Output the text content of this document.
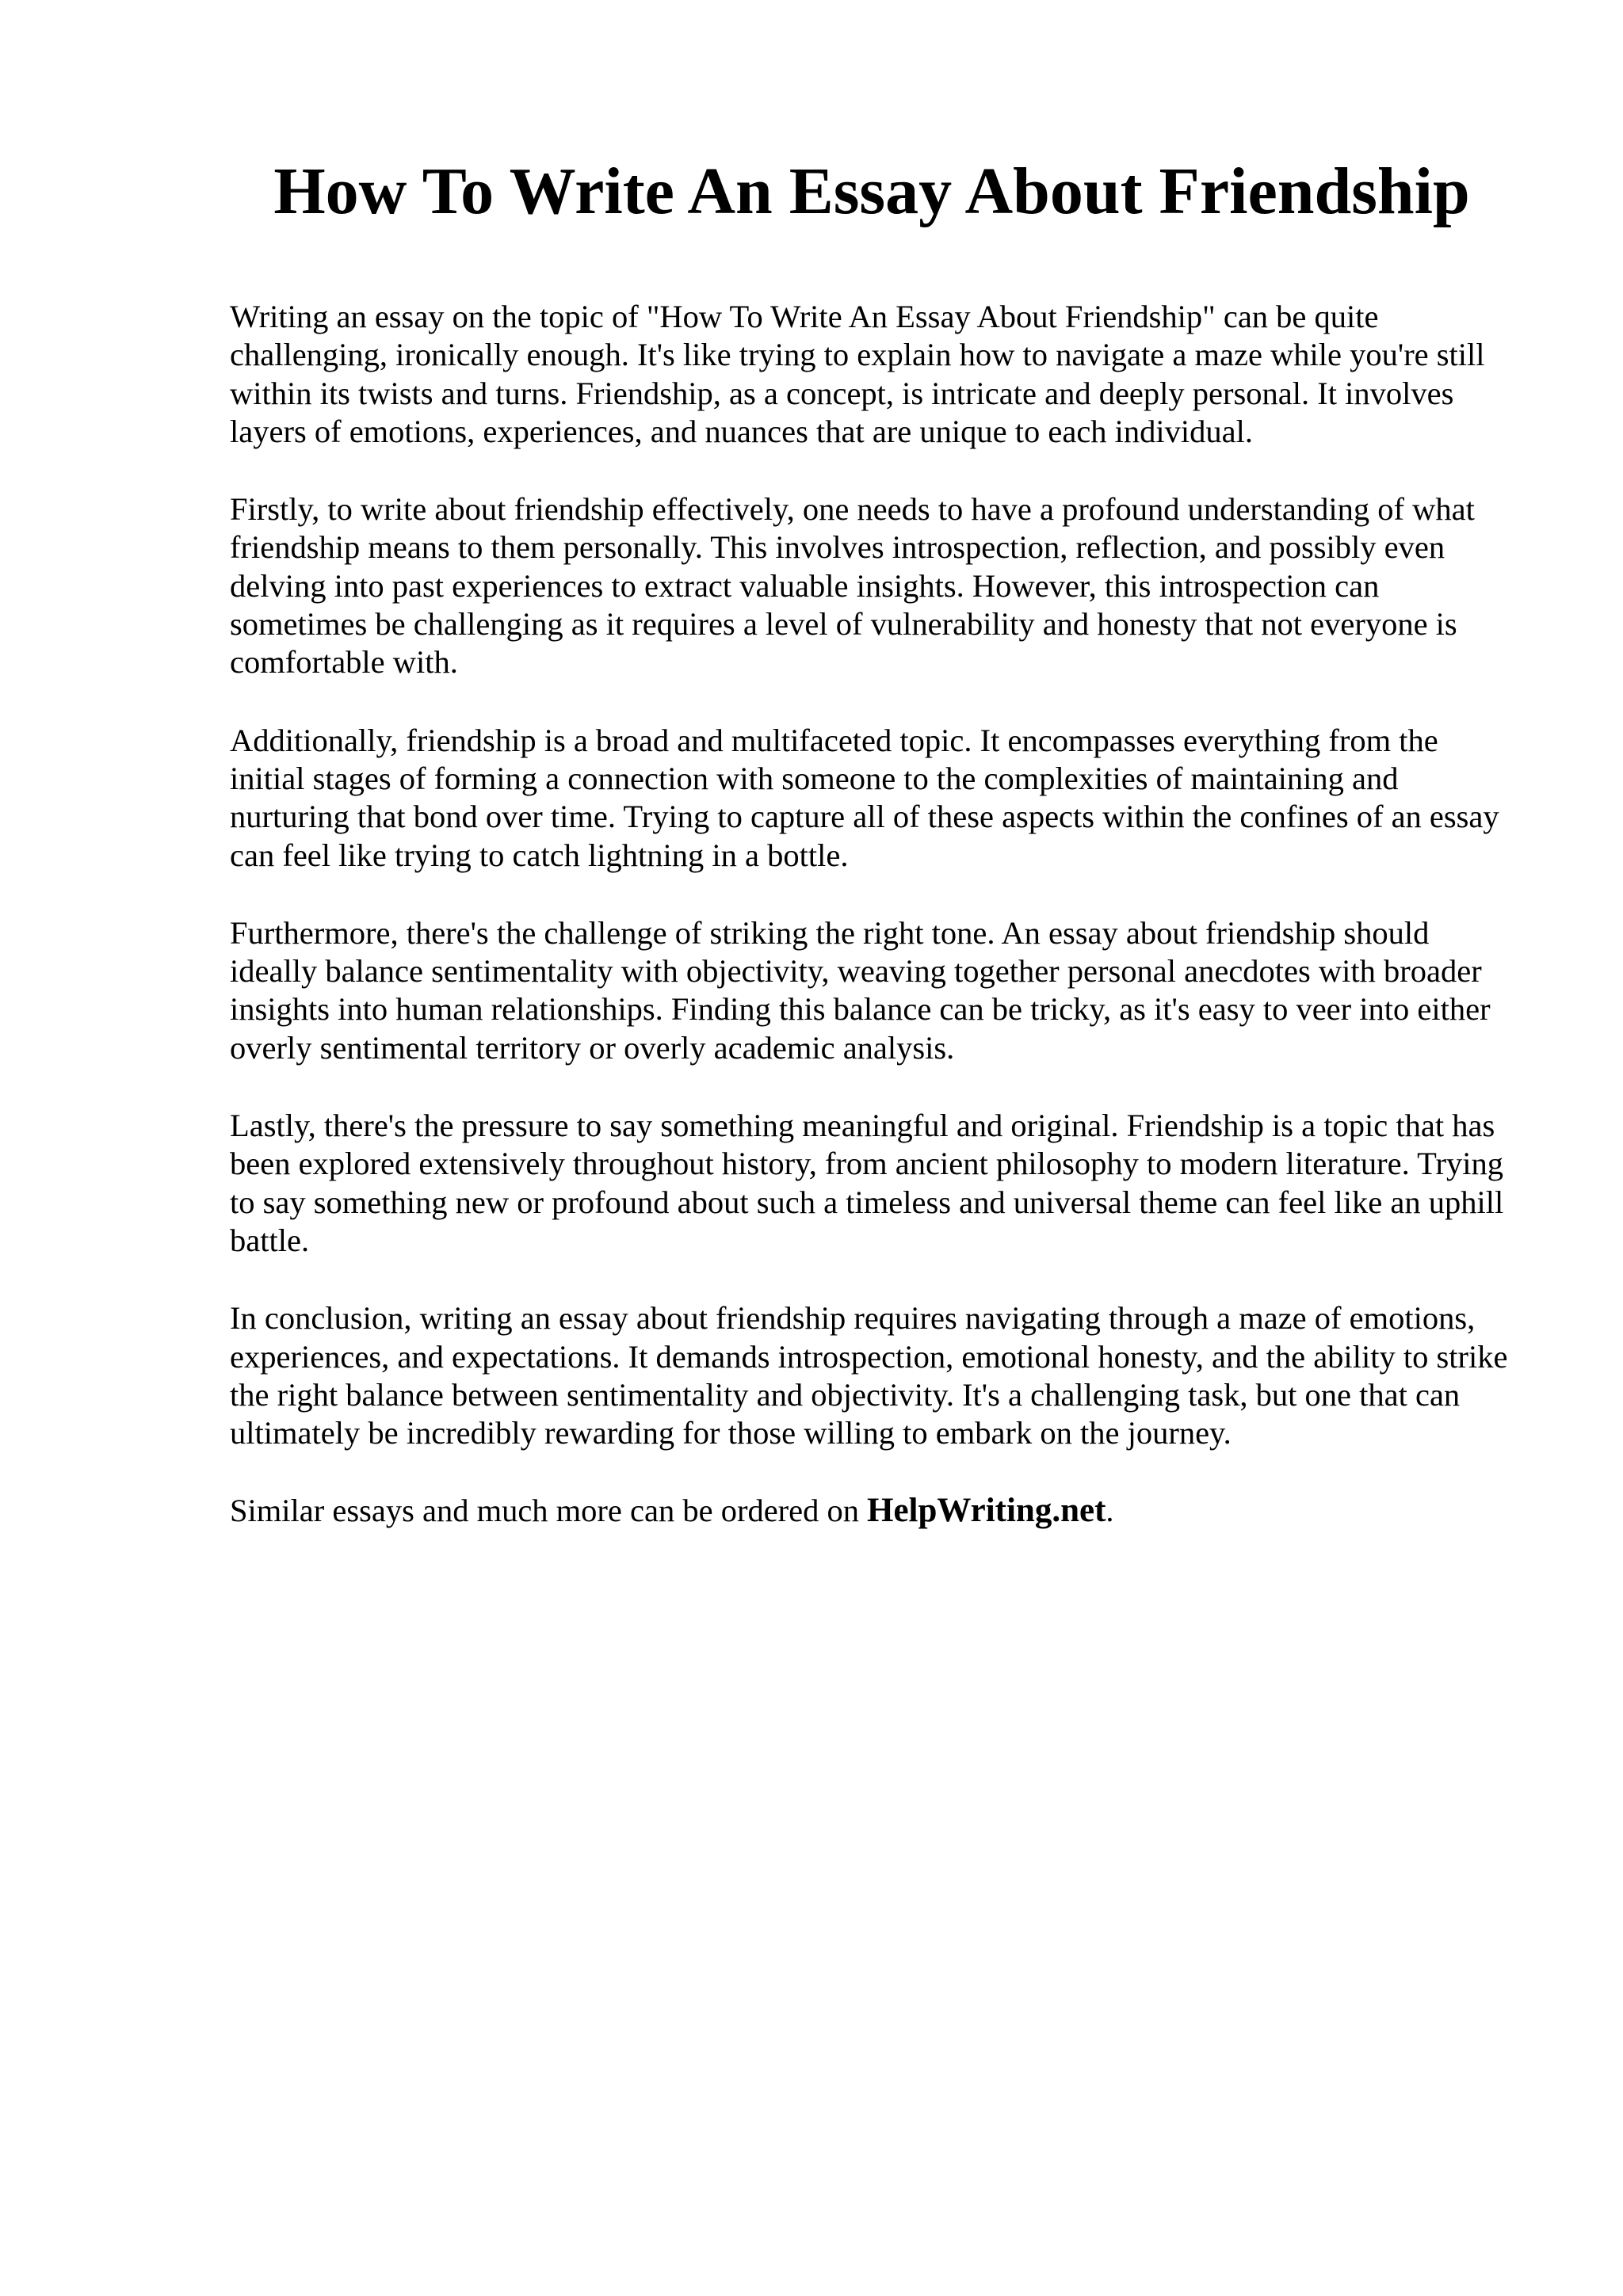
How To Write An Essay About Friendship

Writing an essay on the topic of "How To Write An Essay About Friendship" can be quite challenging, ironically enough. It's like trying to explain how to navigate a maze while you're still within its twists and turns. Friendship, as a concept, is intricate and deeply personal. It involves layers of emotions, experiences, and nuances that are unique to each individual.

Firstly, to write about friendship effectively, one needs to have a profound understanding of what friendship means to them personally. This involves introspection, reflection, and possibly even delving into past experiences to extract valuable insights. However, this introspection can sometimes be challenging as it requires a level of vulnerability and honesty that not everyone is comfortable with.

Additionally, friendship is a broad and multifaceted topic. It encompasses everything from the initial stages of forming a connection with someone to the complexities of maintaining and nurturing that bond over time. Trying to capture all of these aspects within the confines of an essay can feel like trying to catch lightning in a bottle.

Furthermore, there's the challenge of striking the right tone. An essay about friendship should ideally balance sentimentality with objectivity, weaving together personal anecdotes with broader insights into human relationships. Finding this balance can be tricky, as it's easy to veer into either overly sentimental territory or overly academic analysis.

Lastly, there's the pressure to say something meaningful and original. Friendship is a topic that has been explored extensively throughout history, from ancient philosophy to modern literature. Trying to say something new or profound about such a timeless and universal theme can feel like an uphill battle.

In conclusion, writing an essay about friendship requires navigating through a maze of emotions, experiences, and expectations. It demands introspection, emotional honesty, and the ability to strike the right balance between sentimentality and objectivity. It's a challenging task, but one that can ultimately be incredibly rewarding for those willing to embark on the journey.

Similar essays and much more can be ordered on HelpWriting.net.
